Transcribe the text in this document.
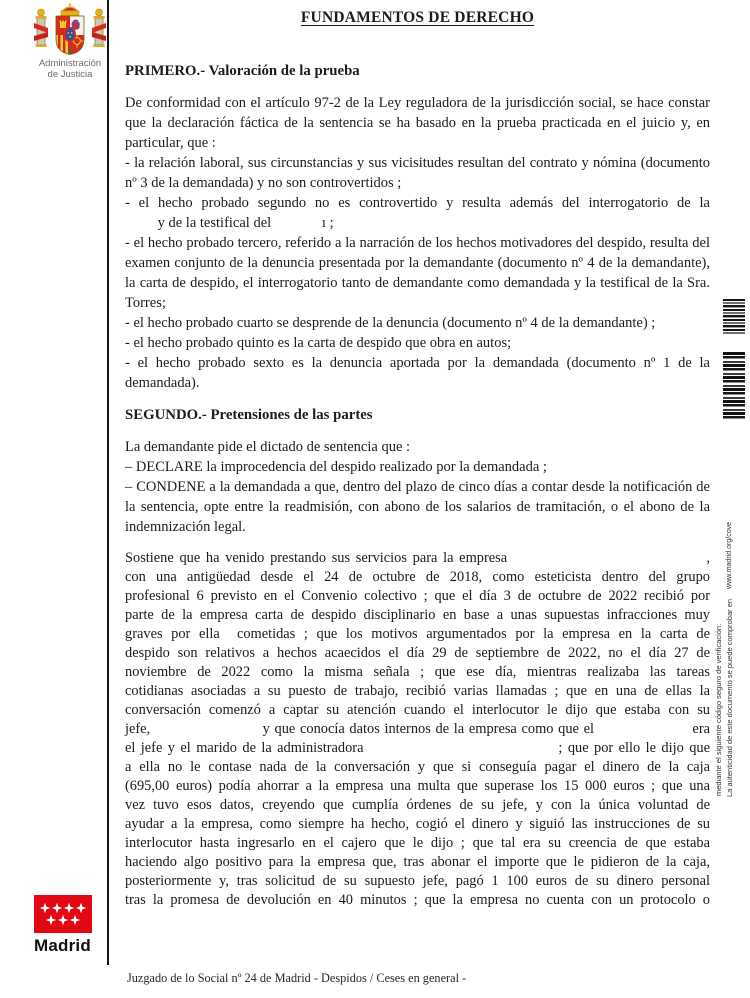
Administración
de Justicia
FUNDAMENTOS DE DERECHO
PRIMERO.- Valoración de la prueba
De conformidad con el artículo 97-2 de la Ley reguladora de la jurisdicción social, se hace constar que la declaración fáctica de la sentencia se ha basado en la prueba practicada en el juicio y, en particular, que :
- la relación laboral, sus circunstancias y sus vicisitudes resultan del contrato y nómina (documento nº 3 de la demandada) y no son controvertidos ;
- el hecho probado segundo no es controvertido y resulta además del interrogatorio de la
y de la testifical del              ı ;
- el hecho probado tercero, referido a la narración de los hechos motivadores del despido, resulta del examen conjunto de la denuncia presentada por la demandante (documento nº 4 de la demandante), la carta de despido, el interrogatorio tanto de demandante como demandada y la testifical de la Sra. Torres;
- el hecho probado cuarto se desprende de la denuncia (documento nº 4 de la demandante) ;
- el hecho probado quinto es la carta de despido que obra en autos;
- el hecho probado sexto es la denuncia aportada por la demandada (documento nº 1 de la demandada).
SEGUNDO.- Pretensiones de las partes
La demandante pide el dictado de sentencia que :
– DECLARE la improcedencia del despido realizado por la demandada ;
– CONDENE a la demandada a que, dentro del plazo de cinco días a contar desde la notificación de la sentencia, opte entre la readmisión, con abono de los salarios de tramitación, o el abono de la indemnización legal.
Sostiene que ha venido prestando sus servicios para la empresa                                   ,
con una antigüedad desde el 24 de octubre de 2018, como esteticista dentro del grupo
profesional 6 previsto en el Convenio colectivo ; que el día 3 de octubre de 2022 recibió por
parte de la empresa carta de despido disciplinario en base a unas supuestas infracciones muy
graves por ella  cometidas ; que los motivos argumentados por la empresa en la carta de
despido son relativos a hechos acaecidos el día 29 de septiembre de 2022, no el día 27 de
noviembre de 2022 como la misma señala ; que ese día, mientras realizaba las tareas
cotidianas asociadas a su puesto de trabajo, recibió varias llamadas ; que en una de ellas la
conversación comenzó a captar su atención cuando el interlocutor le dijo que estaba con su
jefe,                        y que conocía datos internos de la empresa como que el                     era
el jefe y el marido de la administradora                                    ; que por ello le dijo que
a ella no le contase nada de la conversación y que si conseguía pagar el dinero de la caja
(695,00 euros) podía ahorrar a la empresa una multa que superase los 15 000 euros ; que una
vez tuvo esos datos, creyendo que cumplía órdenes de su jefe, y con la única voluntad de
ayudar a la empresa, como siempre ha hecho, cogió el dinero y siguió las instrucciones de su
interlocutor hasta ingresarlo en el cajero que le dijo ; que tal era su creencia de que estaba
haciendo algo positivo para la empresa que, tras abonar el importe que le pidieron de la caja,
posteriormente y, tras solicitud de su supuesto jefe, pagó 1 100 euros de su dinero personal
tras la promesa de devolución en 40 minutos ; que la empresa no cuenta con un protocolo o
Madrid
Juzgado de lo Social nº 24 de Madrid - Despidos / Ceses en general -
La autenticidad de este documento se puede comprobar enwww.madrid.org/cove
mediante el siguiente código seguro de verificación:
